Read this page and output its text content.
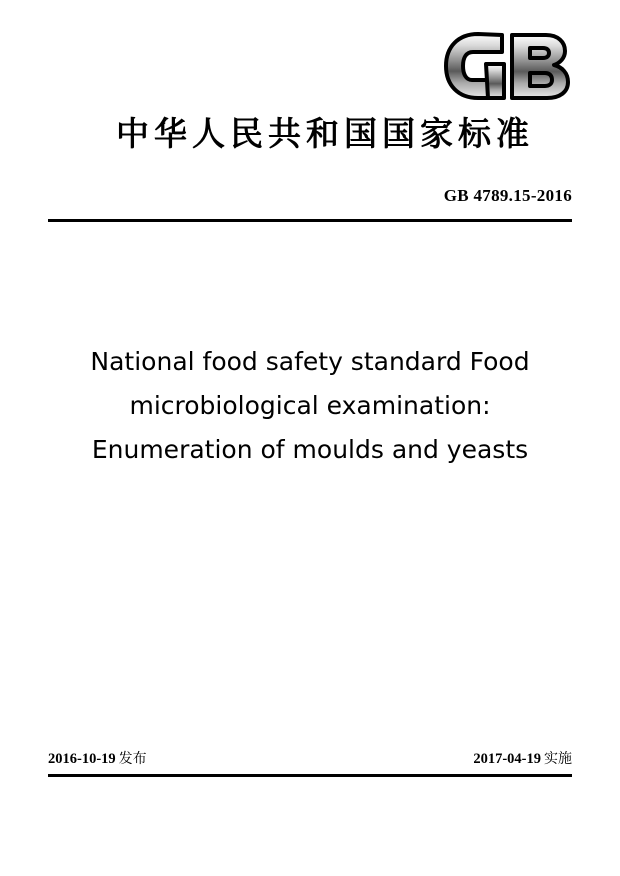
中华人民共和国国家标准
GB 4789.15-2016
National food safety standard Food
microbiological examination:
Enumeration of moulds and yeasts
2016-10-19 发布	2017-04-19 实施
